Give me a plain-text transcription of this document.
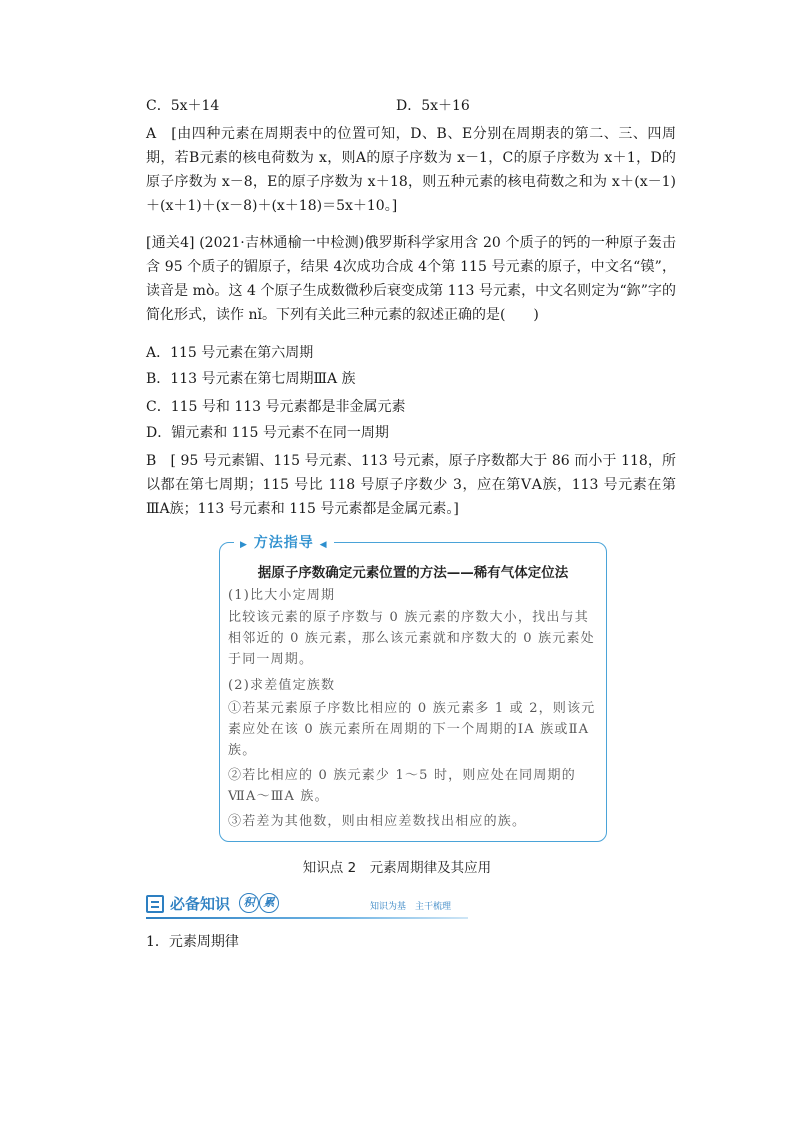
C．5x＋14	D．5x＋16
A　[由四种元素在周期表中的位置可知，D、B、E分别在周期表的第二、三、四周期，若B元素的核电荷数为 x，则A的原子序数为 x－1，C的原子序数为 x＋1，D的原子序数为 x－8，E的原子序数为 x＋18，则五种元素的核电荷数之和为 x＋(x－1)＋(x＋1)＋(x－8)＋(x＋18)＝5x＋10。]
[通关4] (2021·吉林通榆一中检测)俄罗斯科学家用含 20 个质子的钙的一种原子轰击含 95 个质子的镅原子，结果 4次成功合成 4个第 115 号元素的原子，中文名“镆”，读音是 mò。这 4 个原子生成数微秒后衰变成第 113 号元素，中文名则定为“鉨”字的简化形式，读作 nǐ。下列有关此三种元素的叙述正确的是(　　)
A．115 号元素在第六周期
B．113 号元素在第七周期ⅢA 族
C．115 号和 113 号元素都是非金属元素
D．镅元素和 115 号元素不在同一周期
B　[ 95 号元素镅、115 号元素、113 号元素，原子序数都大于 86 而小于 118，所以都在第七周期；115 号比 118 号原子序数少 3，应在第ⅤA族，113 号元素在第ⅢA族；113 号元素和 115 号元素都是金属元素。]
▶ 方法指导 ◀
据原子序数确定元素位置的方法——稀有气体定位法
(1)比大小定周期
比较该元素的原子序数与 0 族元素的序数大小，找出与其相邻近的 0 族元素，那么该元素就和序数大的 0 族元素处于同一周期。
(2)求差值定族数
①若某元素原子序数比相应的 0 族元素多 1 或 2，则该元素应处在该 0 族元素所在周期的下一个周期的ⅠA 族或ⅡA 族。
②若比相应的 0 族元素少 1～5 时，则应处在同周期的ⅦA～ⅢA 族。
③若差为其他数，则由相应差数找出相应的族。
知识点 2　元素周期律及其应用
必备知识	积 累	知识为基　主干梳理
1．元素周期律
